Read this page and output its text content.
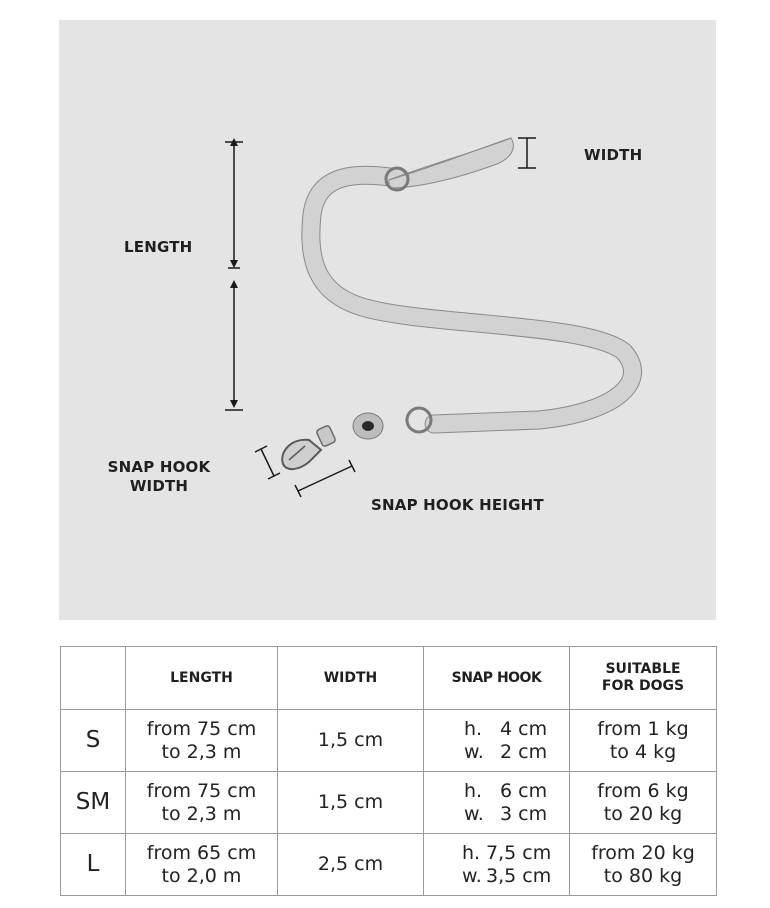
WIDTH
LENGTH
SNAP HOOK
WIDTH
SNAP HOOK HEIGHT
	LENGTH	WIDTH	SNAP HOOK	SUITABLE
FOR DOGS

S	from 75 cm
to 2,3 m	1,5 cm	h. 4 cm
w. 2 cm	from 1 kg
to 4 kg

SM	from 75 cm
to 2,3 m	1,5 cm	h. 6 cm
w. 3 cm	from 6 kg
to 20 kg

L	from 65 cm
to 2,0 m	2,5 cm	h. 7,5 cm
w. 3,5 cm	from 20 kg
to 80 kg
